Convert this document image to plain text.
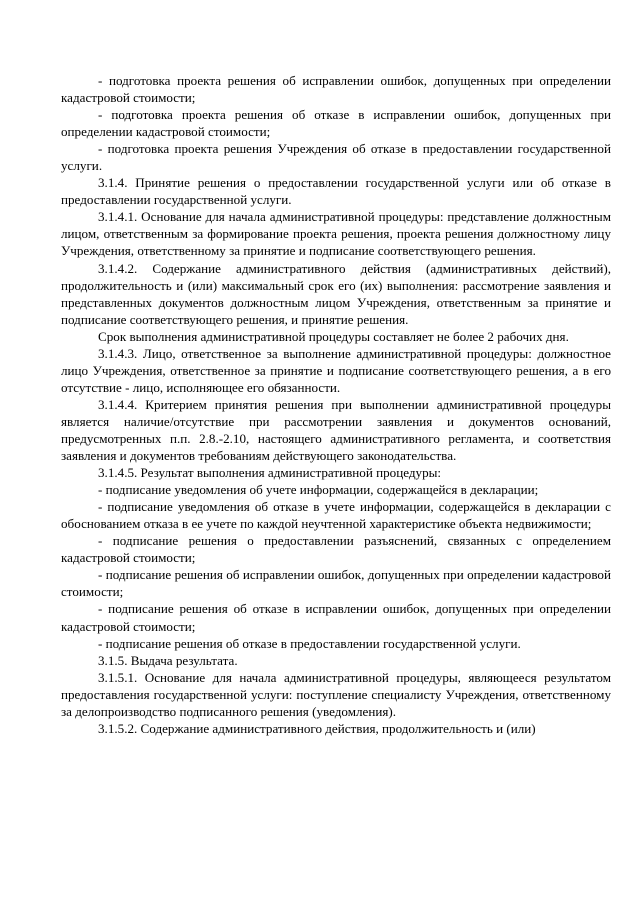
- подготовка проекта решения об исправлении ошибок, допущенных при определении кадастровой стоимости;

- подготовка проекта решения об отказе в исправлении ошибок, допущенных при определении кадастровой стоимости;

- подготовка проекта решения Учреждения об отказе в предоставлении государственной услуги.

3.1.4. Принятие решения о предоставлении государственной услуги или об отказе в предоставлении государственной услуги.

3.1.4.1. Основание для начала административной процедуры: представление должностным лицом, ответственным за формирование проекта решения, проекта решения должностному лицу Учреждения, ответственному за принятие и подписание соответствующего решения.

3.1.4.2. Содержание административного действия (административных действий), продолжительность и (или) максимальный срок его (их) выполнения: рассмотрение заявления и представленных документов должностным лицом Учреждения, ответственным за принятие и подписание соответствующего решения, и принятие решения.

Срок выполнения административной процедуры составляет не более 2 рабочих дня.

3.1.4.3. Лицо, ответственное за выполнение административной процедуры: должностное лицо Учреждения, ответственное за принятие и подписание соответствующего решения, а в его отсутствие - лицо, исполняющее его обязанности.

3.1.4.4. Критерием принятия решения при выполнении административной процедуры является наличие/отсутствие при рассмотрении заявления и документов оснований, предусмотренных п.п. 2.8.-2.10, настоящего административного регламента, и соответствия заявления и документов требованиям действующего законодательства.

3.1.4.5. Результат выполнения административной процедуры:

- подписание уведомления об учете информации, содержащейся в декларации;

- подписание уведомления об отказе в учете информации, содержащейся в декларации с обоснованием отказа в ее учете по каждой неучтенной характеристике объекта недвижимости;

- подписание решения о предоставлении разъяснений, связанных с определением кадастровой стоимости;

- подписание решения об исправлении ошибок, допущенных при определении кадастровой стоимости;

- подписание решения об отказе в исправлении ошибок, допущенных при определении кадастровой стоимости;

- подписание решения об отказе в предоставлении государственной услуги.

3.1.5. Выдача результата.

3.1.5.1. Основание для начала административной процедуры, являющееся результатом предоставления государственной услуги: поступление специалисту Учреждения, ответственному за делопроизводство подписанного решения (уведомления).

3.1.5.2. Содержание административного действия, продолжительность и (или)
